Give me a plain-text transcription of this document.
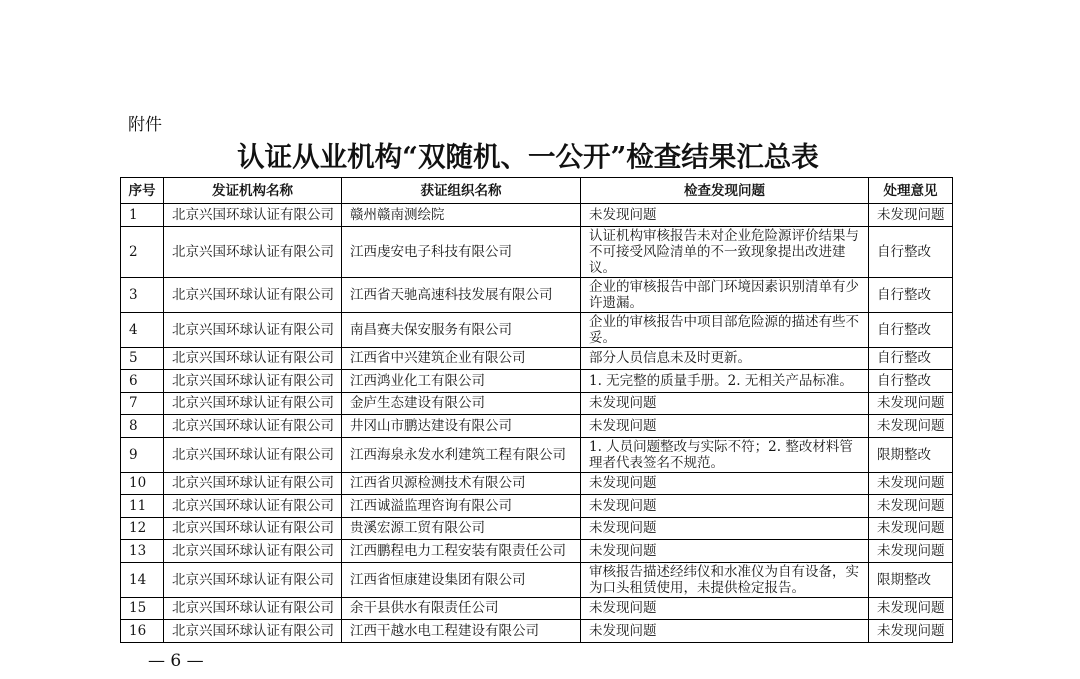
附件
认证从业机构“双随机、一公开”检查结果汇总表
序号	发证机构名称	获证组织名称	检查发现问题	处理意见
1	北京兴国环球认证有限公司	赣州赣南测绘院	未发现问题	未发现问题
2	北京兴国环球认证有限公司	江西虔安电子科技有限公司	认证机构审核报告未对企业危险源评价结果与不可接受风险清单的不一致现象提出改进建议。	自行整改
3	北京兴国环球认证有限公司	江西省天驰高速科技发展有限公司	企业的审核报告中部门环境因素识别清单有少许遗漏。	自行整改
4	北京兴国环球认证有限公司	南昌赛夫保安服务有限公司	企业的审核报告中项目部危险源的描述有些不妥。	自行整改
5	北京兴国环球认证有限公司	江西省中兴建筑企业有限公司	部分人员信息未及时更新。	自行整改
6	北京兴国环球认证有限公司	江西鸿业化工有限公司	1. 无完整的质量手册。2. 无相关产品标准。	自行整改
7	北京兴国环球认证有限公司	金庐生态建设有限公司	未发现问题	未发现问题
8	北京兴国环球认证有限公司	井冈山市鹏达建设有限公司	未发现问题	未发现问题
9	北京兴国环球认证有限公司	江西海泉永发水利建筑工程有限公司	1. 人员问题整改与实际不符；2. 整改材料管理者代表签名不规范。	限期整改
10	北京兴国环球认证有限公司	江西省贝源检测技术有限公司	未发现问题	未发现问题
11	北京兴国环球认证有限公司	江西诚溢监理咨询有限公司	未发现问题	未发现问题
12	北京兴国环球认证有限公司	贵溪宏源工贸有限公司	未发现问题	未发现问题
13	北京兴国环球认证有限公司	江西鹏程电力工程安装有限责任公司	未发现问题	未发现问题
14	北京兴国环球认证有限公司	江西省恒康建设集团有限公司	审核报告描述经纬仪和水准仪为自有设备，实为口头租赁使用，未提供检定报告。	限期整改
15	北京兴国环球认证有限公司	余干县供水有限责任公司	未发现问题	未发现问题
16	北京兴国环球认证有限公司	江西干越水电工程建设有限公司	未发现问题	未发现问题
— 6 —
